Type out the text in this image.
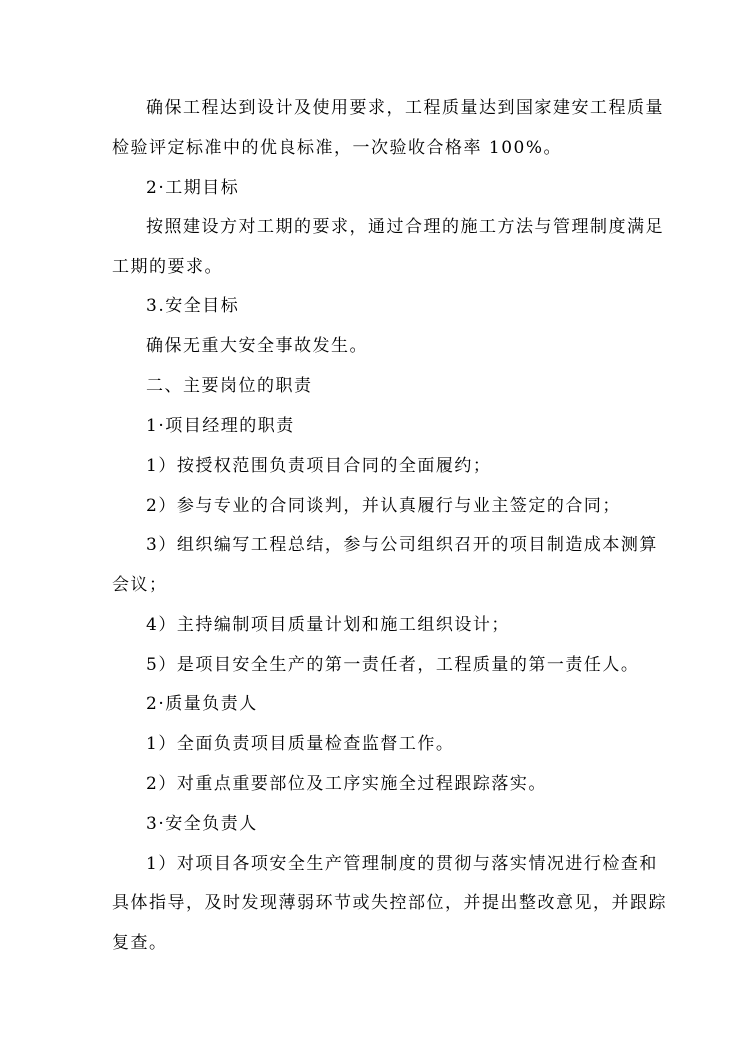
确保工程达到设计及使用要求，工程质量达到国家建安工程质量
检验评定标准中的优良标准，一次验收合格率 100%。
2·工期目标
按照建设方对工期的要求，通过合理的施工方法与管理制度满足
工期的要求。
3.安全目标
确保无重大安全事故发生。
二、主要岗位的职责
1·项目经理的职责
1）按授权范围负责项目合同的全面履约；
2）参与专业的合同谈判，并认真履行与业主签定的合同；
3）组织编写工程总结，参与公司组织召开的项目制造成本测算
会议；
4）主持编制项目质量计划和施工组织设计；
5）是项目安全生产的第一责任者，工程质量的第一责任人。
2·质量负责人
1）全面负责项目质量检查监督工作。
2）对重点重要部位及工序实施全过程跟踪落实。
3·安全负责人
1）对项目各项安全生产管理制度的贯彻与落实情况进行检查和
具体指导，及时发现薄弱环节或失控部位，并提出整改意见，并跟踪
复查。
